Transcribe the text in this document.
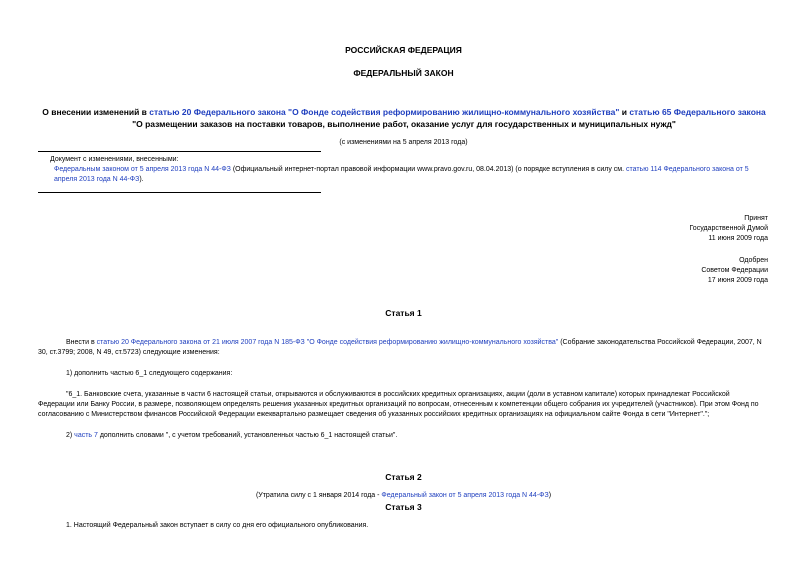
РОССИЙСКАЯ ФЕДЕРАЦИЯ
ФЕДЕРАЛЬНЫЙ ЗАКОН
О внесении изменений в статью 20 Федерального закона "О Фонде содействия реформированию жилищно-коммунального хозяйства" и статью 65 Федерального закона "О размещении заказов на поставки товаров, выполнение работ, оказание услуг для государственных и муниципальных нужд"
(с изменениями на 5 апреля 2013 года)

Документ с изменениями, внесенными:

Федеральным законом от 5 апреля 2013 года N 44-ФЗ (Официальный интернет-портал правовой информации www.pravo.gov.ru, 08.04.2013) (о порядке вступления в силу см. статью 114 Федерального закона от 5 апреля 2013 года N 44-ФЗ).

Принят

Государственной Думой

11 июня 2009 года

Одобрен

Советом Федерации

17 июня 2009 года

Статья 1

Внести в статью 20 Федерального закона от 21 июля 2007 года N 185-ФЗ "О Фонде содействия реформированию жилищно-коммунального хозяйства" (Собрание законодательства Российской Федерации, 2007, N 30, ст.3799; 2008, N 49, ст.5723) следующие изменения:

1) дополнить частью 6_1 следующего содержания:

"6_1. Банковские счета, указанные в части 6 настоящей статьи, открываются и обслуживаются в российских кредитных организациях, акции (доли в уставном капитале) которых принадлежат Российской Федерации или Банку России, в размере, позволяющем определять решения указанных кредитных организаций по вопросам, отнесенным к компетенции общего собрания их учредителей (участников). При этом Фонд по согласованию с Министерством финансов Российской Федерации ежеквартально размещает сведения об указанных российских кредитных организациях на официальном сайте Фонда в сети "Интернет".";

2) часть 7 дополнить словами ", с учетом требований, установленных частью 6_1 настоящей статьи".

Статья 2
(Утратила силу с 1 января 2014 года - Федеральный закон от 5 апреля 2013 года N 44-ФЗ)
Статья 3

1. Настоящий Федеральный закон вступает в силу со дня его официального опубликования.
